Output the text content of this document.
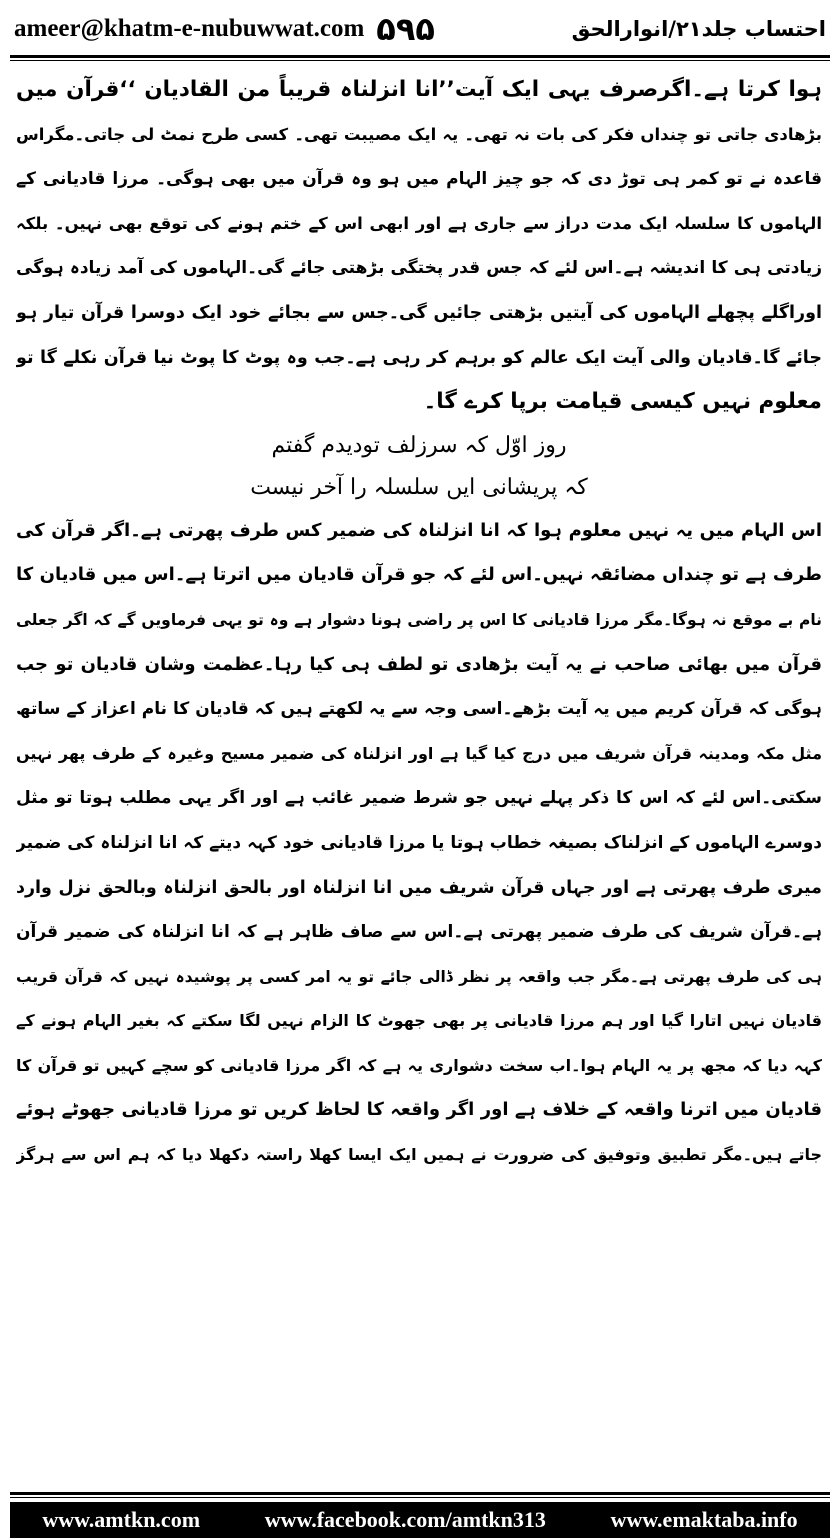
ameer@khatm-e-nubuwwat.com ۵۹۵	احتساب جلد۲۱/انوارالحق
ہوا کرتا ہے۔اگرصرف یہی ایک آیت’’انا انزلناہ قریباً من القادیان ‘‘قرآن میں
بڑھادی جاتی تو چنداں فکر کی بات نہ تھی۔ یہ ایک مصیبت تھی۔ کسی طرح نمٹ لی جاتی۔مگراس
قاعدہ نے تو کمر ہی توڑ دی کہ جو چیز الہام میں ہو وہ قرآن میں بھی ہوگی۔ مرزا قادیانی کے
الہاموں کا سلسلہ ایک مدت دراز سے جاری ہے اور ابھی اس کے ختم ہونے کی توقع بھی نہیں۔ بلکہ
زیادتی ہی کا اندیشہ ہے۔اس لئے کہ جس قدر پختگی بڑھتی جائے گی۔الہاموں کی آمد زیادہ ہوگی
اوراگلے پچھلے الہاموں کی آیتیں بڑھتی جائیں گی۔جس سے بجائے خود ایک دوسرا قرآن تیار ہو
جائے گا۔قادیان والی آیت ایک عالم کو برہم کر رہی ہے۔جب وہ پوٹ کا پوٹ نیا قرآن نکلے گا تو
معلوم نہیں کیسی قیامت برپا کرے گا۔
روز اوّل کہ سرزلف تودیدم گفتم
کہ پریشانی ایں سلسلہ را آخر نیست
اس الہام میں یہ نہیں معلوم ہوا کہ انا انزلناہ کی ضمیر کس طرف پھرتی ہے۔اگر قرآن کی
طرف ہے تو چنداں مضائقہ نہیں۔اس لئے کہ جو قرآن قادیان میں اترتا ہے۔اس میں قادیان کا
نام بے موقع نہ ہوگا۔مگر مرزا قادیانی کا اس پر راضی ہونا دشوار ہے وہ تو یہی فرماویں گے کہ اگر جعلی
قرآن میں بھائی صاحب نے یہ آیت بڑھادی تو لطف ہی کیا رہا۔عظمت وشان قادیان تو جب
ہوگی کہ قرآن کریم میں یہ آیت بڑھے۔اسی وجہ سے یہ لکھتے ہیں کہ قادیان کا نام اعزاز کے ساتھ
مثل مکہ ومدینہ قرآن شریف میں درج کیا گیا ہے اور انزلناہ کی ضمیر مسیح وغیرہ کے طرف پھر نہیں
سکتی۔اس لئے کہ اس کا ذکر پہلے نہیں جو شرط ضمیر غائب ہے اور اگر یہی مطلب ہوتا تو مثل
دوسرے الہاموں کے انزلناک بصیغہ خطاب ہوتا یا مرزا قادیانی خود کہہ دیتے کہ انا انزلناہ کی ضمیر
میری طرف پھرتی ہے اور جہاں قرآن شریف میں انا انزلناہ اور بالحق انزلناہ وبالحق نزل وارد
ہے۔قرآن شریف کی طرف ضمیر پھرتی ہے۔اس سے صاف ظاہر ہے کہ انا انزلناہ کی ضمیر قرآن
ہی کی طرف پھرتی ہے۔مگر جب واقعہ پر نظر ڈالی جائے تو یہ امر کسی پر پوشیدہ نہیں کہ قرآن قریب
قادیان نہیں اتارا گیا اور ہم مرزا قادیانی پر بھی جھوٹ کا الزام نہیں لگا سکتے کہ بغیر الہام ہونے کے
کہہ دیا کہ مجھ پر یہ الہام ہوا۔اب سخت دشواری یہ ہے کہ اگر مرزا قادیانی کو سچے کہیں تو قرآن کا
قادیان میں اترنا واقعہ کے خلاف ہے اور اگر واقعہ کا لحاظ کریں تو مرزا قادیانی جھوٹے ہوئے
جاتے ہیں۔مگر تطبیق وتوفیق کی ضرورت نے ہمیں ایک ایسا کھلا راستہ دکھلا دیا کہ ہم اس سے ہرگز
www.amtkn.com	www.facebook.com/amtkn313	www.emaktaba.info
